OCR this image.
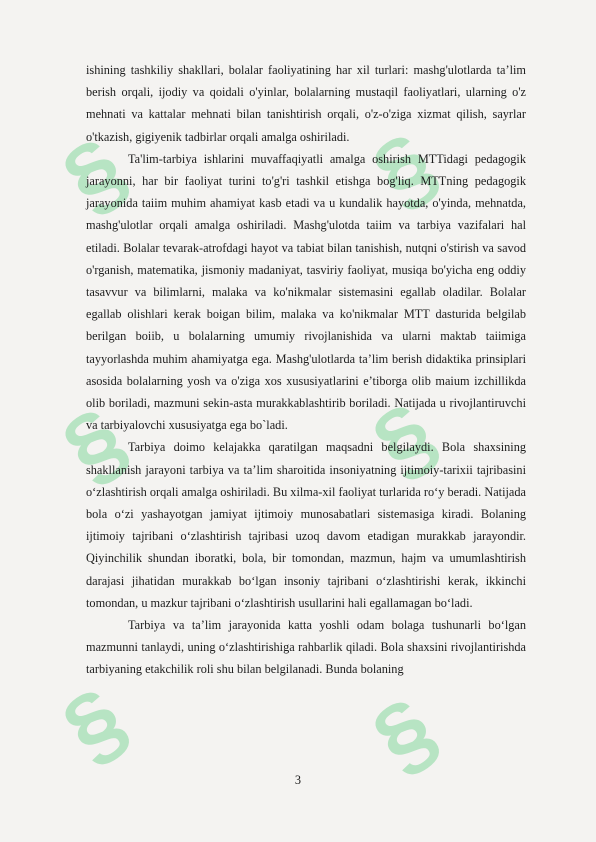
§ §
§ §
§ §

ishining tashkiliy shakllari, bolalar faoliyatining har xil turlari: mashg'ulotlarda ta’lim berish orqali, ijodiy va qoidali o'yinlar, bolalarning mustaqil faoliyatlari, ularning o'z mehnati va kattalar mehnati bilan tanishtirish orqali, o'z-o'ziga xizmat qilish, sayrlar o'tkazish, gigiyenik tadbirlar orqali amalga oshiriladi.

Ta'lim-tarbiya ishlarini muvaffaqiyatli amalga oshirish MTTidagi pedagogik jarayonni, har bir faoliyat turini to'g'ri tashkil etishga bog'liq. MTTning pedagogik jarayonida taiim muhim ahamiyat kasb etadi va u kundalik hayotda, o'yinda, mehnatda, mashg'ulotlar orqali amalga oshiriladi. Mashg'ulotda taiim va tarbiya vazifalari hal etiladi. Bolalar tevarak-atrofdagi hayot va tabiat bilan tanishish, nutqni o'stirish va savod o'rganish, matematika, jismoniy madaniyat, tasviriy faoliyat, musiqa bo'yicha eng oddiy tasavvur va bilimlarni, malaka va ko'nikmalar sistemasini egallab oladilar. Bolalar egallab olishlari kerak boigan bilim, malaka va ko'nikmalar MTT dasturida belgilab berilgan boiib, u bolalarning umumiy rivojlanishida va ularni maktab taiimiga tayyorlashda muhim ahamiyatga ega. Mashg'ulotlarda ta’lim berish didaktika prinsiplari asosida bolalarning yosh va o'ziga xos xususiyatlarini e’tiborga olib maium izchillikda olib boriladi, mazmuni sekin-asta murakkablashtirib boriladi. Natijada u rivojlantiruvchi va tarbiyalovchi xususiyatga ega bo`ladi.

Tarbiya doimo kelajakka qaratilgan maqsadni belgilaydi. Bola shaxsining shakllanish jarayoni tarbiya va ta’lim sharoitida insoniyatning ijtimoiy-tarixii tajribasini o‘zlashtirish orqali amalga oshiriladi. Bu xilma-xil faoliyat turlarida ro‘y beradi. Natijada bola o‘zi yashayotgan jamiyat ijtimoiy munosabatlari sistemasiga kiradi. Bolaning ijtimoiy tajribani o‘zlashtirish tajribasi uzoq davom etadigan murakkab jarayondir. Qiyinchilik shundan iboratki, bola, bir tomondan, mazmun, hajm va umumlashtirish darajasi jihatidan murakkab bo‘lgan insoniy tajribani o‘zlashtirishi kerak, ikkinchi tomondan, u mazkur tajribani o‘zlashtirish usullarini hali egallamagan bo‘ladi.

Tarbiya va ta’lim jarayonida katta yoshli odam bolaga tushunarli bo‘lgan mazmunni tanlaydi, uning o‘zlashtirishiga rahbarlik qiladi. Bola shaxsini rivojlantirishda tarbiyaning etakchilik roli shu bilan belgilanadi. Bunda bolaning

3
